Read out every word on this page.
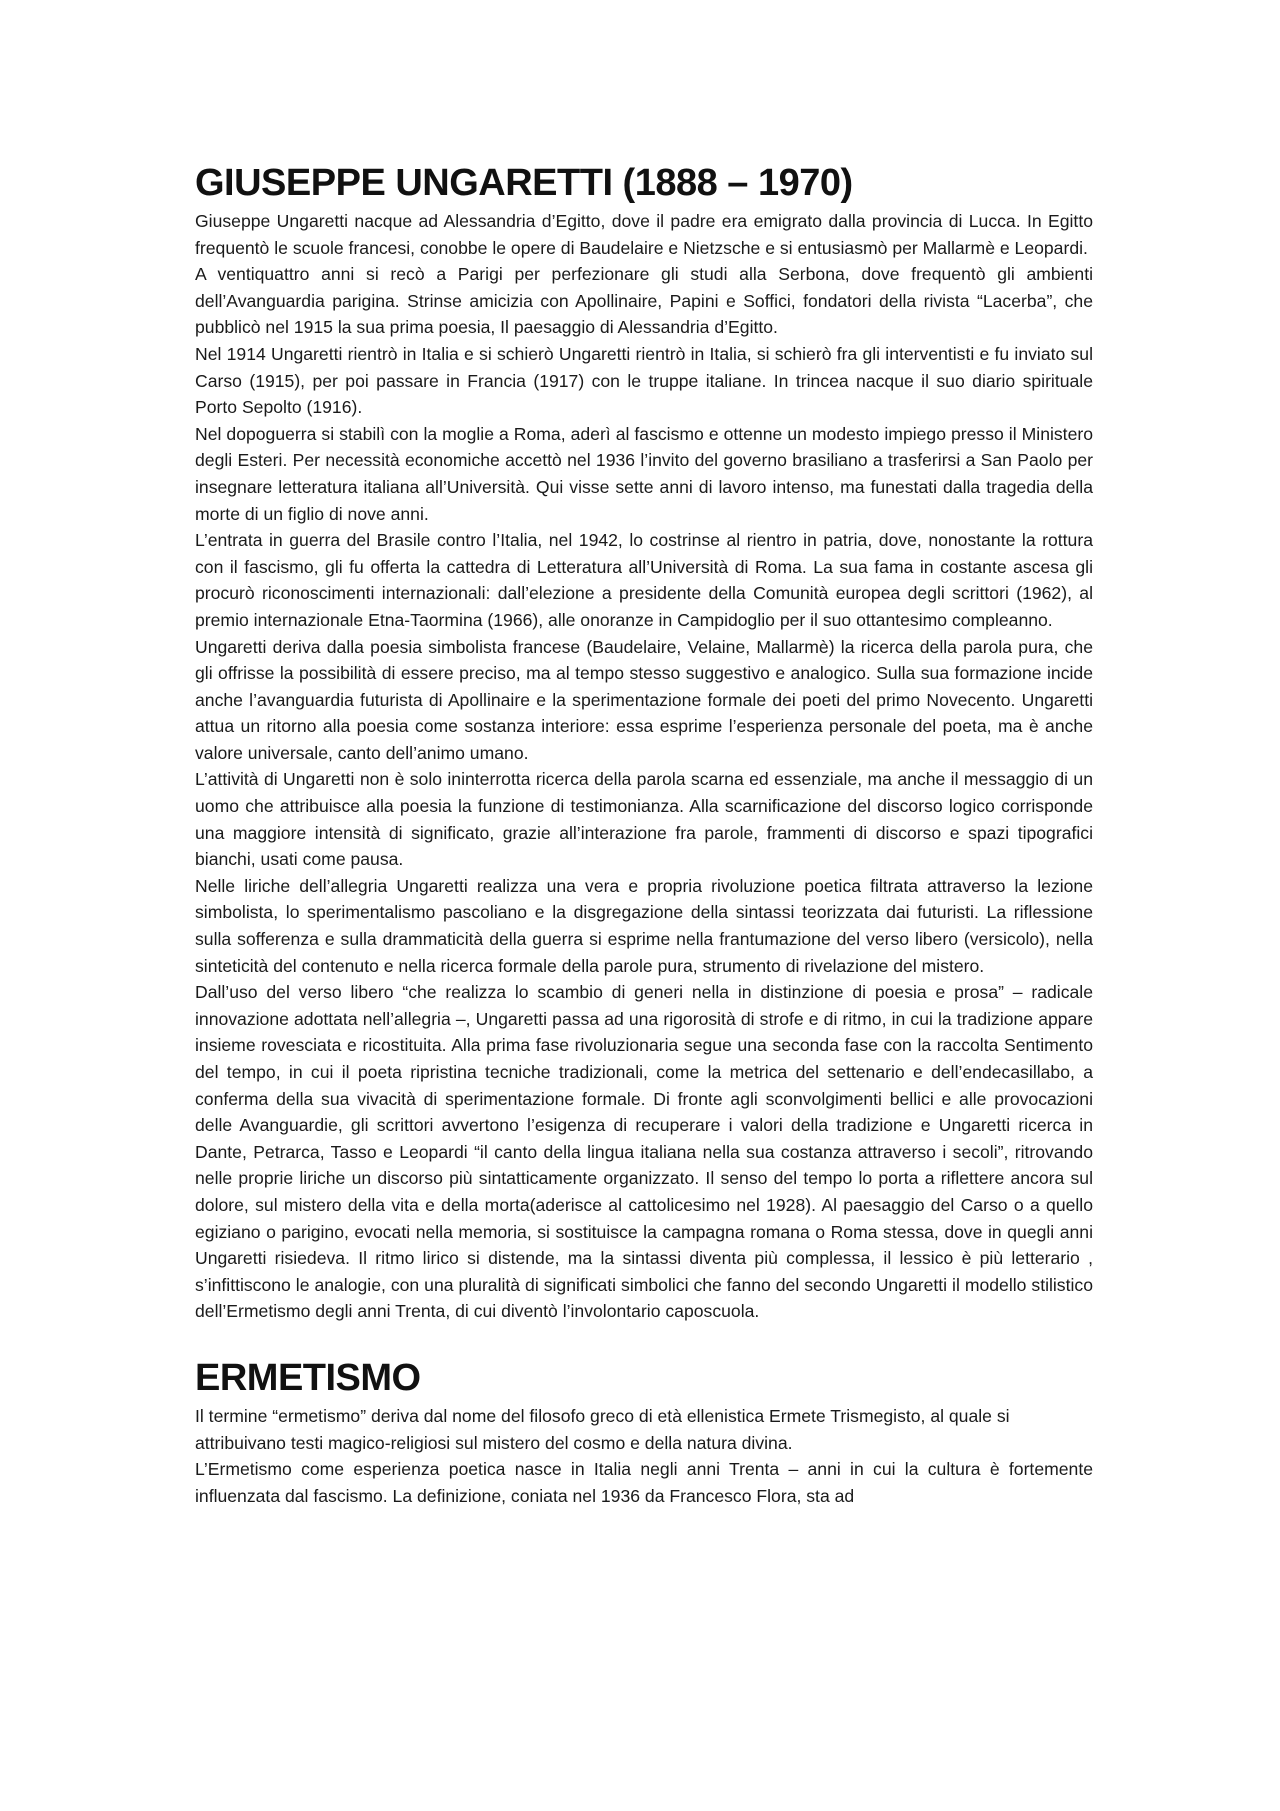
GIUSEPPE UNGARETTI (1888 – 1970)

Giuseppe Ungaretti nacque ad Alessandria d’Egitto, dove il padre era emigrato dalla provincia di Lucca. In Egitto frequentò le scuole francesi, conobbe le opere di Baudelaire e Nietzsche e si entusiasmò per Mallarmè e Leopardi.

A ventiquattro anni si recò a Parigi per perfezionare gli studi alla Serbona, dove frequentò gli ambienti dell’Avanguardia parigina. Strinse amicizia con Apollinaire, Papini e Soffici, fondatori della rivista “Lacerba”, che pubblicò nel 1915 la sua prima poesia, Il paesaggio di Alessandria d’Egitto.

Nel 1914 Ungaretti rientrò in Italia e si schierò Ungaretti rientrò in Italia, si schierò fra gli interventisti e fu inviato sul Carso (1915), per poi passare in Francia (1917) con le truppe italiane. In trincea nacque il suo diario spirituale Porto Sepolto (1916).

Nel dopoguerra si stabilì con la moglie a Roma, aderì al fascismo e ottenne un modesto impiego presso il Ministero degli Esteri. Per necessità economiche accettò nel 1936 l’invito del governo brasiliano a trasferirsi a San Paolo per insegnare letteratura italiana all’Università. Qui visse sette anni di lavoro intenso, ma funestati dalla tragedia della morte di un figlio di nove anni.

L’entrata in guerra del Brasile contro l’Italia, nel 1942, lo costrinse al rientro in patria, dove, nonostante la rottura con il fascismo, gli fu offerta la cattedra di Letteratura all’Università di Roma. La sua fama in costante ascesa gli procurò riconoscimenti internazionali: dall’elezione a presidente della Comunità europea degli scrittori (1962), al premio internazionale Etna-Taormina (1966), alle onoranze in Campidoglio per il suo ottantesimo compleanno.

Ungaretti deriva dalla poesia simbolista francese (Baudelaire, Velaine, Mallarmè) la ricerca della parola pura, che gli offrisse la possibilità di essere preciso, ma al tempo stesso suggestivo e analogico. Sulla sua formazione incide anche l’avanguardia futurista di Apollinaire e la sperimentazione formale dei poeti del primo Novecento. Ungaretti attua un ritorno alla poesia come sostanza interiore: essa esprime l’esperienza personale del poeta, ma è anche valore universale, canto dell’animo umano.

L’attività di Ungaretti non è solo ininterrotta ricerca della parola scarna ed essenziale, ma anche il messaggio di un uomo che attribuisce alla poesia la funzione di testimonianza. Alla scarnificazione del discorso logico corrisponde una maggiore intensità di significato, grazie all’interazione fra parole, frammenti di discorso e spazi tipografici bianchi, usati come pausa.

Nelle liriche dell’allegria Ungaretti realizza una vera e propria rivoluzione poetica filtrata attraverso la lezione simbolista, lo sperimentalismo pascoliano e la disgregazione della sintassi teorizzata dai futuristi. La riflessione sulla sofferenza e sulla drammaticità della guerra si esprime nella frantumazione del verso libero (versicolo), nella sinteticità del contenuto e nella ricerca formale della parole pura, strumento di rivelazione del mistero.

Dall’uso del verso libero “che realizza lo scambio di generi nella in distinzione di poesia e prosa” – radicale innovazione adottata nell’allegria –, Ungaretti passa ad una rigorosità di strofe e di ritmo, in cui la tradizione appare insieme rovesciata e ricostituita. Alla prima fase rivoluzionaria segue una seconda fase con la raccolta Sentimento del tempo, in cui il poeta ripristina tecniche tradizionali, come la metrica del settenario e dell’endecasillabo, a conferma della sua vivacità di sperimentazione formale. Di fronte agli sconvolgimenti bellici e alle provocazioni delle Avanguardie, gli scrittori avvertono l’esigenza di recuperare i valori della tradizione e Ungaretti ricerca in Dante, Petrarca, Tasso e Leopardi “il canto della lingua italiana nella sua costanza attraverso i secoli”, ritrovando nelle proprie liriche un discorso più sintatticamente organizzato. Il senso del tempo lo porta a riflettere ancora sul dolore, sul mistero della vita e della morta(aderisce al cattolicesimo nel 1928). Al paesaggio del Carso o a quello egiziano o parigino, evocati nella memoria, si sostituisce la campagna romana o Roma stessa, dove in quegli anni Ungaretti risiedeva. Il ritmo lirico si distende, ma la sintassi diventa più complessa, il lessico è più letterario , s’infittiscono le analogie, con una pluralità di significati simbolici che fanno del secondo Ungaretti il modello stilistico dell’Ermetismo degli anni Trenta, di cui diventò l’involontario caposcuola.

ERMETISMO

Il termine “ermetismo” deriva dal nome del filosofo greco di età ellenistica Ermete Trismegisto, al quale si attribuivano testi magico-religiosi sul mistero del cosmo e della natura divina.

L’Ermetismo come esperienza poetica nasce in Italia negli anni Trenta – anni in cui la cultura è fortemente influenzata dal fascismo. La definizione, coniata nel 1936 da Francesco Flora, sta ad
